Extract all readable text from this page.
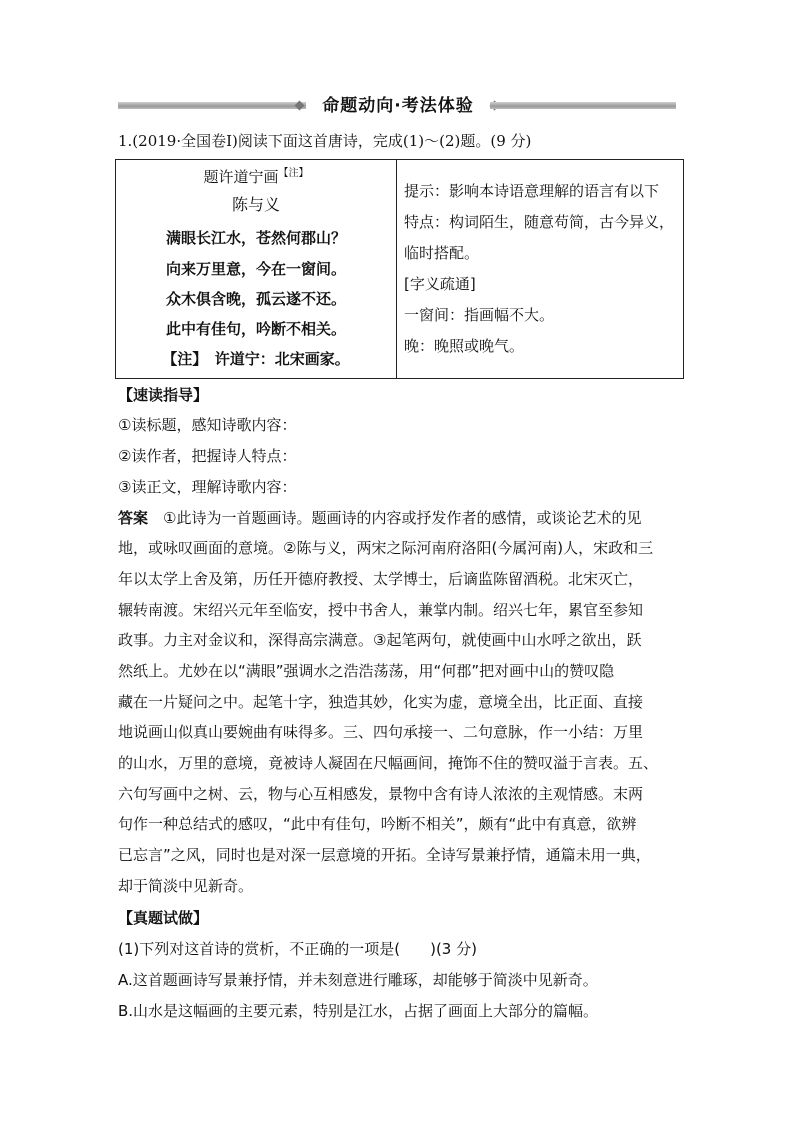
命题动向·考法体验
1.(2019·全国卷Ⅰ)阅读下面这首唐诗，完成(1)～(2)题。(9 分)
题许道宁画$^{【注】}$
陈与义
满眼长江水，苍然何郡山？
向来万里意，今在一窗间。
众木俱含晚，孤云遂不还。
此中有佳句，吟断不相关。
【注】　许道宁：北宋画家。
提示：影响本诗语意理解的语言有以下
特点：构词陌生，随意苟简，古今异义，
临时搭配。
[字义疏通]
一窗间：指画幅不大。
晚：晚照或晚气。
【速读指导】
①读标题，感知诗歌内容：
②读作者，把握诗人特点：
③读正文，理解诗歌内容：
答案　 ①此诗为一首题画诗。题画诗的内容或抒发作者的感情，或谈论艺术的见
地，或咏叹画面的意境。②陈与义，两宋之际河南府洛阳(今属河南)人，宋政和三
年以太学上舍及第，历任开德府教授、太学博士，后谪监陈留酒税。北宋灭亡，
辗转南渡。宋绍兴元年至临安，授中书舍人，兼掌内制。绍兴七年，累官至参知
政事。力主对金议和，深得高宗满意。③起笔两句，就使画中山水呼之欲出，跃
然纸上。尤妙在以“满眼”强调水之浩浩荡荡，用“何郡”把对画中山的赞叹隐
藏在一片疑问之中。起笔十字，独造其妙，化实为虚，意境全出，比正面、直接
地说画山似真山要婉曲有味得多。三、四句承接一、二句意脉，作一小结：万里
的山水，万里的意境，竟被诗人凝固在尺幅画间，掩饰不住的赞叹溢于言表。五、
六句写画中之树、云，物与心互相感发，景物中含有诗人浓浓的主观情感。末两
句作一种总结式的感叹，“此中有佳句，吟断不相关”，颇有“此中有真意，欲辨
已忘言”之风，同时也是对深一层意境的开拓。全诗写景兼抒情，通篇未用一典，
却于简淡中见新奇。
【真题试做】
(1)下列对这首诗的赏析，不正确的一项是(　　)(3 分)
A.这首题画诗写景兼抒情，并未刻意进行雕琢，却能够于简淡中见新奇。
B.山水是这幅画的主要元素，特别是江水，占据了画面上大部分的篇幅。
